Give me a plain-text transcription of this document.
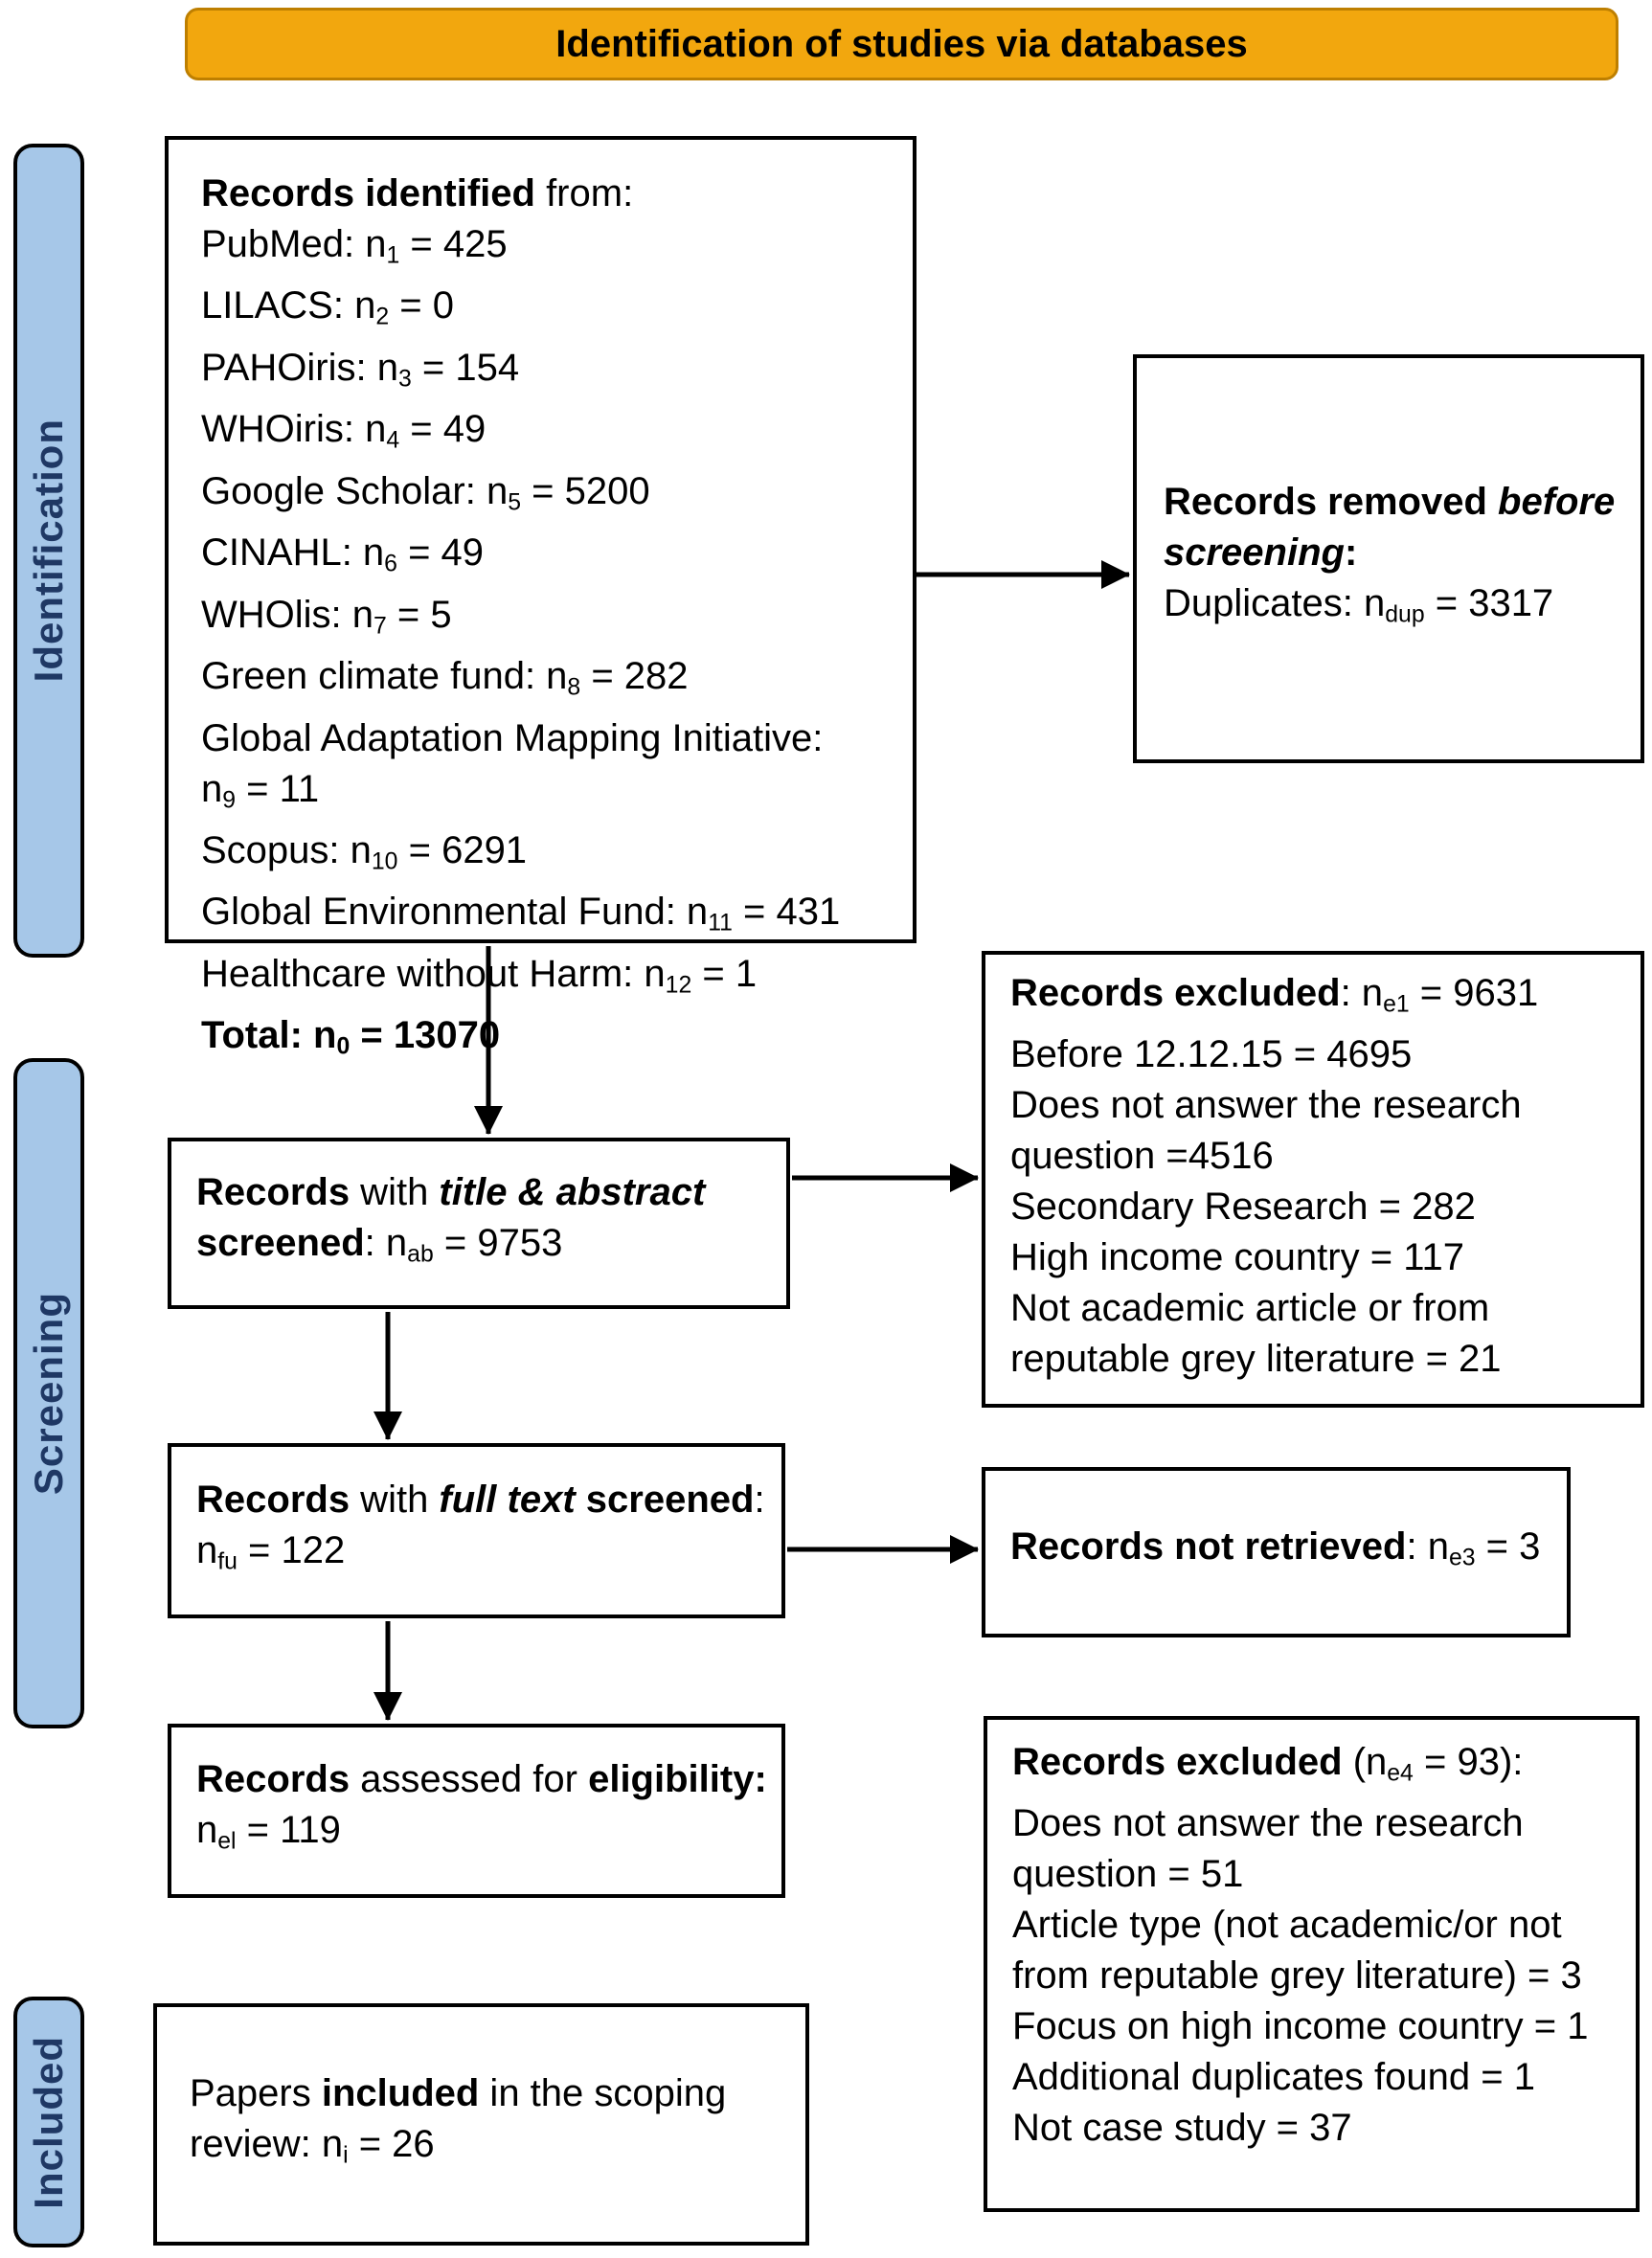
Identification of studies via databases
Identification
Screening
Included
Records identified from:
PubMed: $n_1 = 425$
LILACS: $n_2 = 0$
PAHOiris: $n_3 = 154$
WHOiris: $n_4 = 49$
Google Scholar: $n_5 = 5200$
CINAHL: $n_6 = 49$
WHOlis: $n_7 = 5$
Green climate fund: $n_8 = 282$
Global Adaptation Mapping Initiative:
$n_9 = 11$
Scopus: $n_{10} = 6291$
Global Environmental Fund: $n_{11} = 431$
Healthcare without Harm: $n_{12} = 1$
Total: $n_0 = 13070$
Records removed before
screening:
Duplicates: $n_{dup} = 3317$
Records with title & abstract
screened: $n_{ab} = 9753$
Records excluded: $n_{e1} = 9631$
Before 12.12.15 = 4695
Does not answer the research
question =4516
Secondary Research = 282
High income country = 117
Not academic article or from
reputable grey literature = 21
Records with full text screened:
$n_{fu} = 122$	Records not retrieved: $n_{e3} = 3$
Records assessed for eligibility:
$n_{el} = 119$
Records excluded $(n_{e4} = 93)$:
Does not answer the research
question = 51
Article type (not academic/or not
from reputable grey literature) = 3
Focus on high income country = 1
Additional duplicates found = 1
Not case study = 37
Papers included in the scoping
review: $n_i = 26$
